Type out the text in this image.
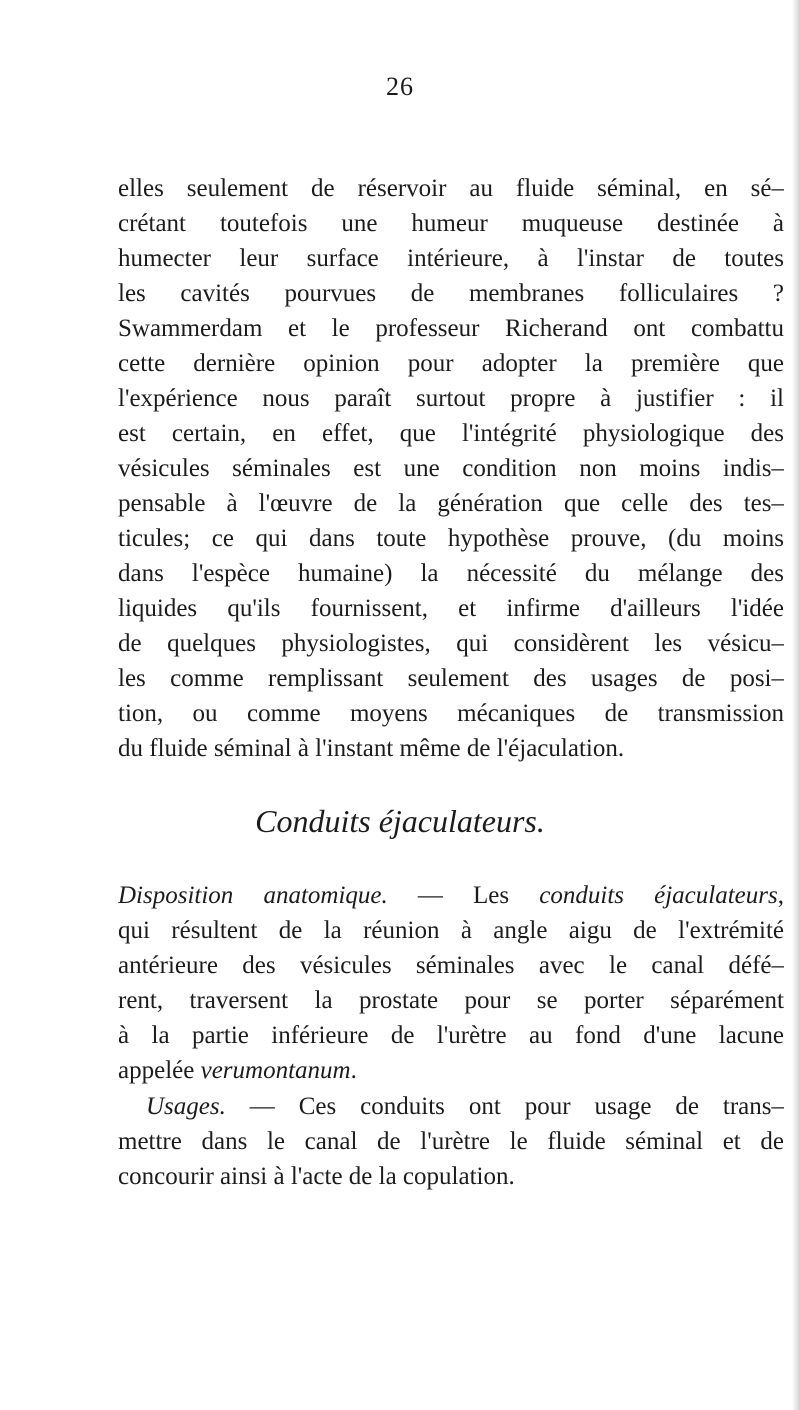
26
elles seulement de réservoir au fluide séminal, en sé–
crétant toutefois une humeur muqueuse destinée à
humecter leur surface intérieure, à l'instar de toutes
les cavités pourvues de membranes folliculaires ?
Swammerdam et le professeur Richerand ont combattu
cette dernière opinion pour adopter la première que
l'expérience nous paraît surtout propre à justifier : il
est certain, en effet, que l'intégrité physiologique des
vésicules séminales est une condition non moins indis–
pensable à l'œuvre de la génération que celle des tes–
ticules; ce qui dans toute hypothèse prouve, (du moins
dans l'espèce humaine) la nécessité du mélange des
liquides qu'ils fournissent, et infirme d'ailleurs l'idée
de quelques physiologistes, qui considèrent les vésicu–
les comme remplissant seulement des usages de posi–
tion, ou comme moyens mécaniques de transmission
du fluide séminal à l'instant même de l'éjaculation.
Conduits éjaculateurs.
Disposition anatomique. — Les conduits éjaculateurs,
qui résultent de la réunion à angle aigu de l'extrémité
antérieure des vésicules séminales avec le canal défé–
rent, traversent la prostate pour se porter séparément
à la partie inférieure de l'urètre au fond d'une lacune
appelée verumontanum.
Usages. — Ces conduits ont pour usage de trans–
mettre dans le canal de l'urètre le fluide séminal et de
concourir ainsi à l'acte de la copulation.
